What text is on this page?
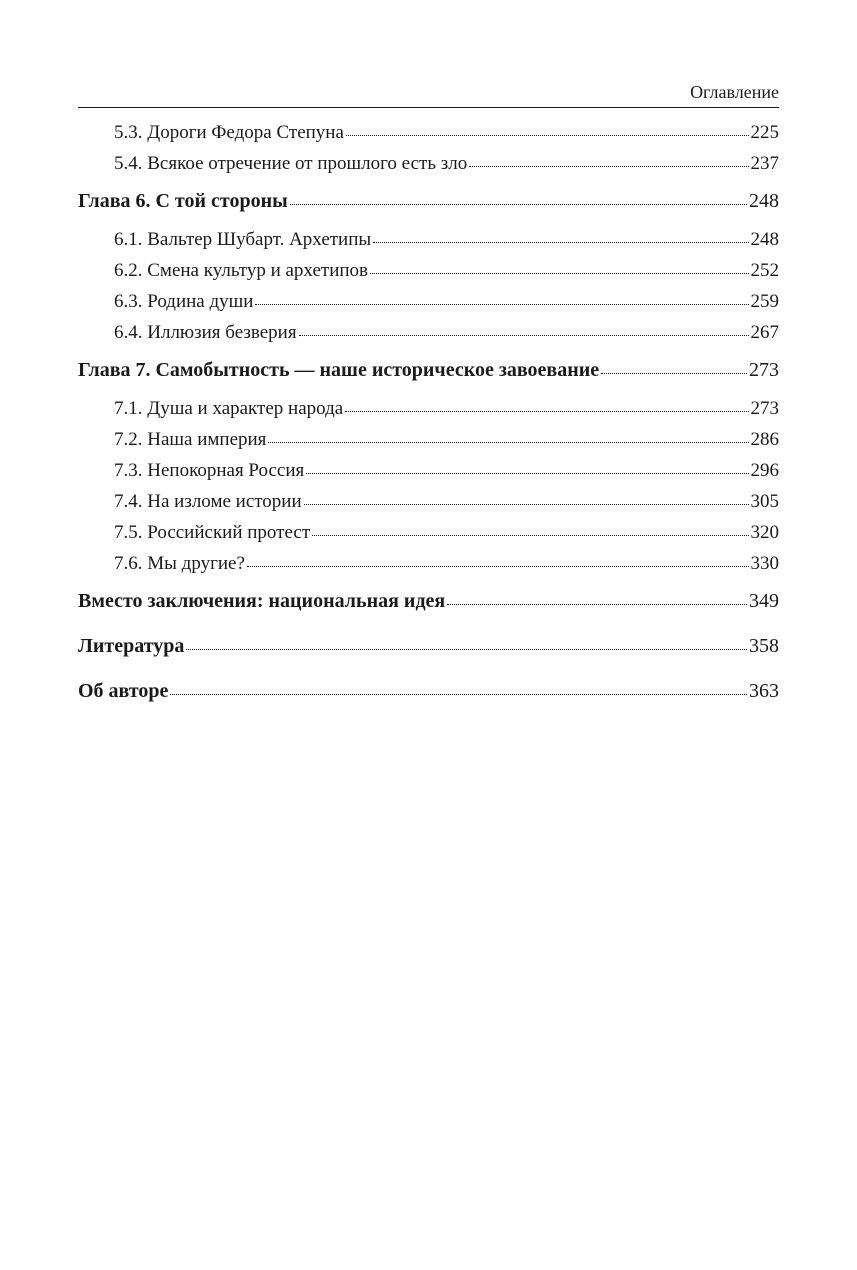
Оглавление
5.3. Дороги Федора Степуна	225
5.4. Всякое отречение от прошлого есть зло	237
Глава 6. С той стороны	248
6.1. Вальтер Шубарт. Архетипы	248
6.2. Смена культур и архетипов	252
6.3. Родина души	259
6.4. Иллюзия безверия	267
Глава 7. Самобытность — наше историческое завоевание	273
7.1. Душа и характер народа	273
7.2. Наша империя	286
7.3. Непокорная Россия	296
7.4. На изломе истории	305
7.5. Российский протест	320
7.6. Мы другие?	330
Вместо заключения: национальная идея	349
Литература	358
Об авторе	363
